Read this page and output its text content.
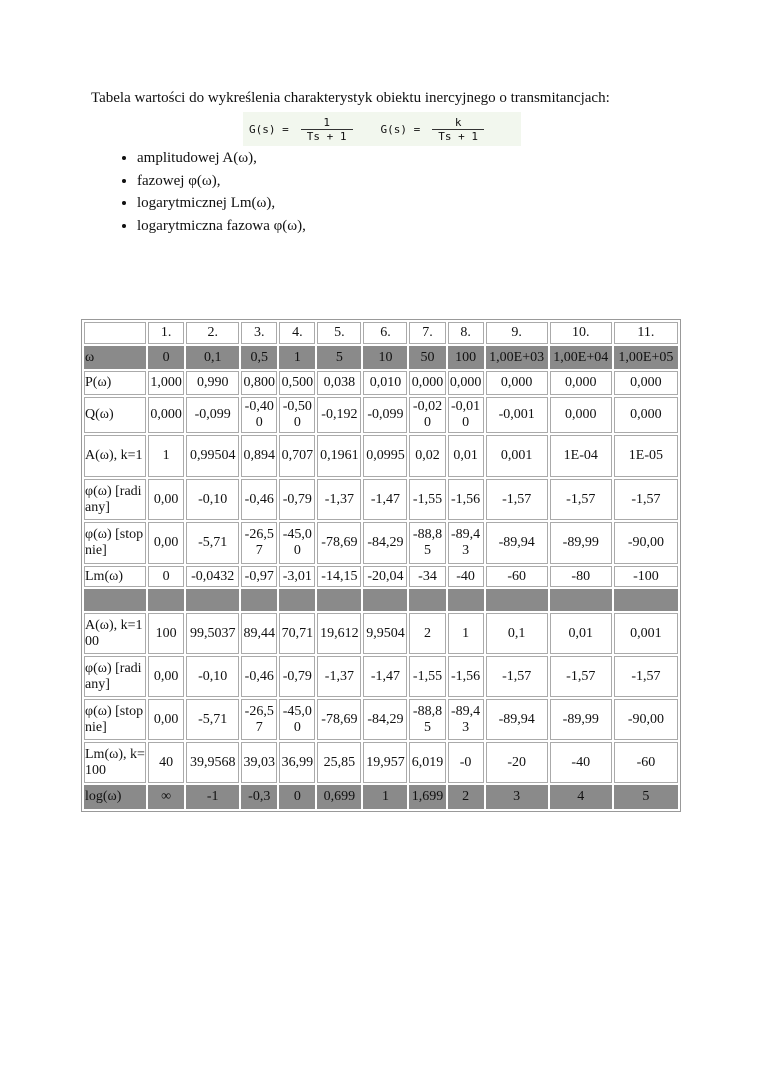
Tabela wartości do wykreślenia charakterystyk obiektu inercyjnego o transmitancjach:
$G(s) = \frac{1}{Ts + 1}$	$G(s) = \frac{k}{Ts + 1}$
• amplitudowej A(ω),
• fazowej φ(ω),
• logarytmicznej Lm(ω),
• logarytmiczna fazowa φ(ω),
	1.	2.	3.	4.	5.	6.	7.	8.	9.	10.	11.
ω	0	0,1	0,5	1	5	10	50	100	1,00E+03	1,00E+04	1,00E+05
P(ω)	1,000	0,990	0,800	0,500	0,038	0,010	0,000	0,000	0,000	0,000	0,000
Q(ω)	0,000	-0,099	-0,400	-0,500	-0,192	-0,099	-0,020	-0,010	-0,001	0,000	0,000
A(ω), k=1	1	0,99504	0,894	0,707	0,1961	0,0995	0,02	0,01	0,001	1E-04	1E-05
φ(ω) [radiany]	0,00	-0,10	-0,46	-0,79	-1,37	-1,47	-1,55	-1,56	-1,57	-1,57	-1,57
φ(ω) [stopnie]	0,00	-5,71	-26,57	-45,00	-78,69	-84,29	-88,85	-89,43	-89,94	-89,99	-90,00
Lm(ω)	0	-0,0432	-0,97	-3,01	-14,15	-20,04	-34	-40	-60	-80	-100

A(ω), k=100	100	99,5037	89,44	70,71	19,612	9,9504	2	1	0,1	0,01	0,001
φ(ω) [radiany]	0,00	-0,10	-0,46	-0,79	-1,37	-1,47	-1,55	-1,56	-1,57	-1,57	-1,57
φ(ω) [stopnie]	0,00	-5,71	-26,57	-45,00	-78,69	-84,29	-88,85	-89,43	-89,94	-89,99	-90,00
Lm(ω), k=100	40	39,9568	39,03	36,99	25,85	19,957	6,019	-0	-20	-40	-60
log(ω)	∞	-1	-0,3	0	0,699	1	1,699	2	3	4	5
